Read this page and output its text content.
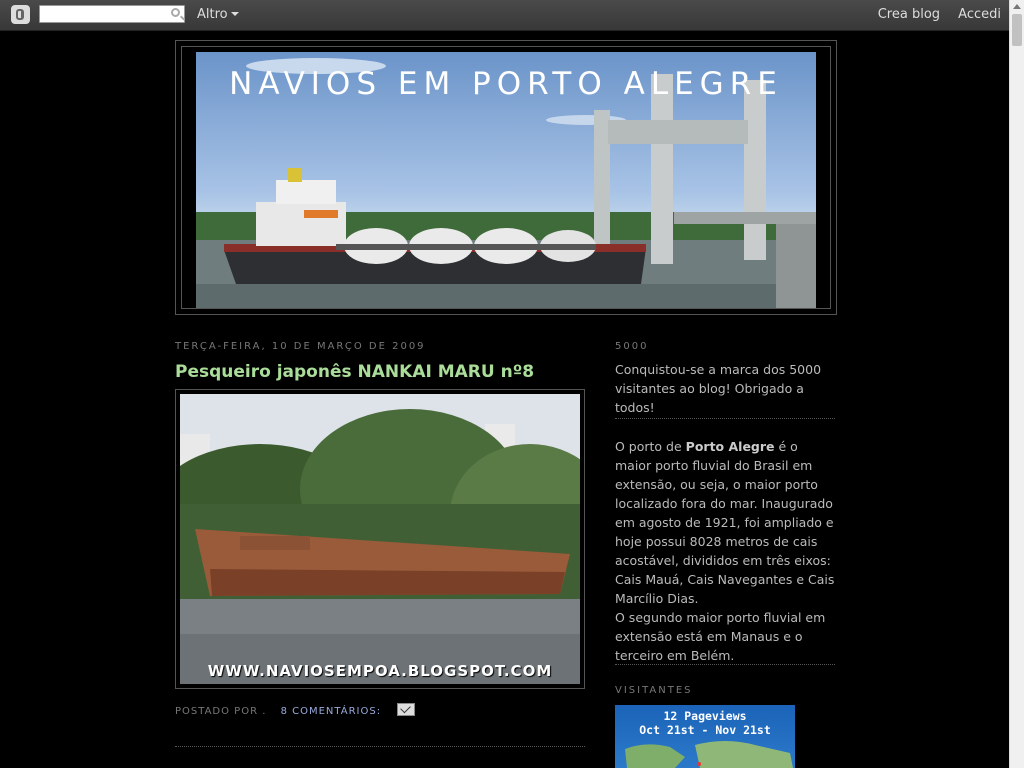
Altro	Crea blog Accedi
NAVIOS EM PORTO ALEGRE
TERÇA-FEIRA, 10 DE MARÇO DE 2009
Pesqueiro japonês NANKAI MARU nº8
WWW.NAVIOSEMPOA.BLOGSPOT.COM
POSTADO POR . 8 COMENTÁRIOS:
5000
Conquistou-se a marca dos 5000 visitantes ao blog! Obrigado a todos!
O porto de Porto Alegre é o maior porto fluvial do Brasil em extensão, ou seja, o maior porto localizado fora do mar. Inaugurado em agosto de 1921, foi ampliado e hoje possui 8028 metros de cais acostável, divididos em três eixos: Cais Mauá, Cais Navegantes e Cais Marcílio Dias.
O segundo maior porto fluvial em extensão está em Manaus e o terceiro em Belém.
VISITANTES
12 Pageviews
Oct 21st - Nov 21st
